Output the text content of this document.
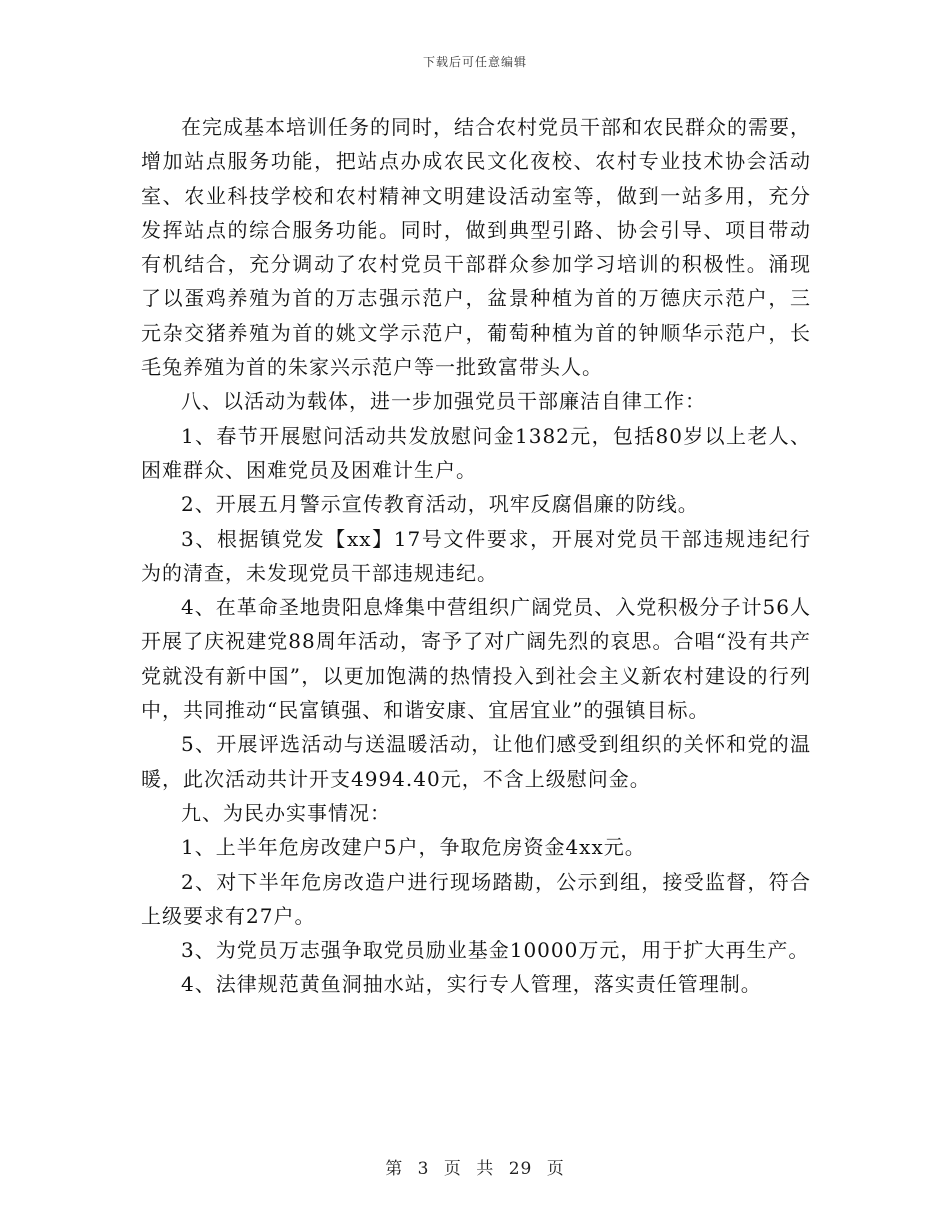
下载后可任意编辑

在完成基本培训任务的同时，结合农村党员干部和农民群众的需要，增加站点服务功能，把站点办成农民文化夜校、农村专业技术协会活动室、农业科技学校和农村精神文明建设活动室等，做到一站多用，充分发挥站点的综合服务功能。同时，做到典型引路、协会引导、项目带动有机结合，充分调动了农村党员干部群众参加学习培训的积极性。涌现了以蛋鸡养殖为首的万志强示范户，盆景种植为首的万德庆示范户，三元杂交猪养殖为首的姚文学示范户，葡萄种植为首的钟顺华示范户，长毛兔养殖为首的朱家兴示范户等一批致富带头人。

八、以活动为载体，进一步加强党员干部廉洁自律工作：

1、春节开展慰问活动共发放慰问金1382元，包括80岁以上老人、困难群众、困难党员及困难计生户。

2、开展五月警示宣传教育活动，巩牢反腐倡廉的防线。

3、根据镇党发【xx】17号文件要求，开展对党员干部违规违纪行为的清查，未发现党员干部违规违纪。

4、在革命圣地贵阳息烽集中营组织广阔党员、入党积极分子计56人开展了庆祝建党88周年活动，寄予了对广阔先烈的哀思。合唱“没有共产党就没有新中国”，以更加饱满的热情投入到社会主义新农村建设的行列中，共同推动“民富镇强、和谐安康、宜居宜业”的强镇目标。

5、开展评选活动与送温暖活动，让他们感受到组织的关怀和党的温暖，此次活动共计开支4994.40元，不含上级慰问金。

九、为民办实事情况：

1、上半年危房改建户5户，争取危房资金4xx元。

2、对下半年危房改造户进行现场踏勘，公示到组，接受监督，符合上级要求有27户。

3、为党员万志强争取党员励业基金10000万元，用于扩大再生产。

4、法律规范黄鱼洞抽水站，实行专人管理，落实责任管理制。

第 3 页 共 29 页
